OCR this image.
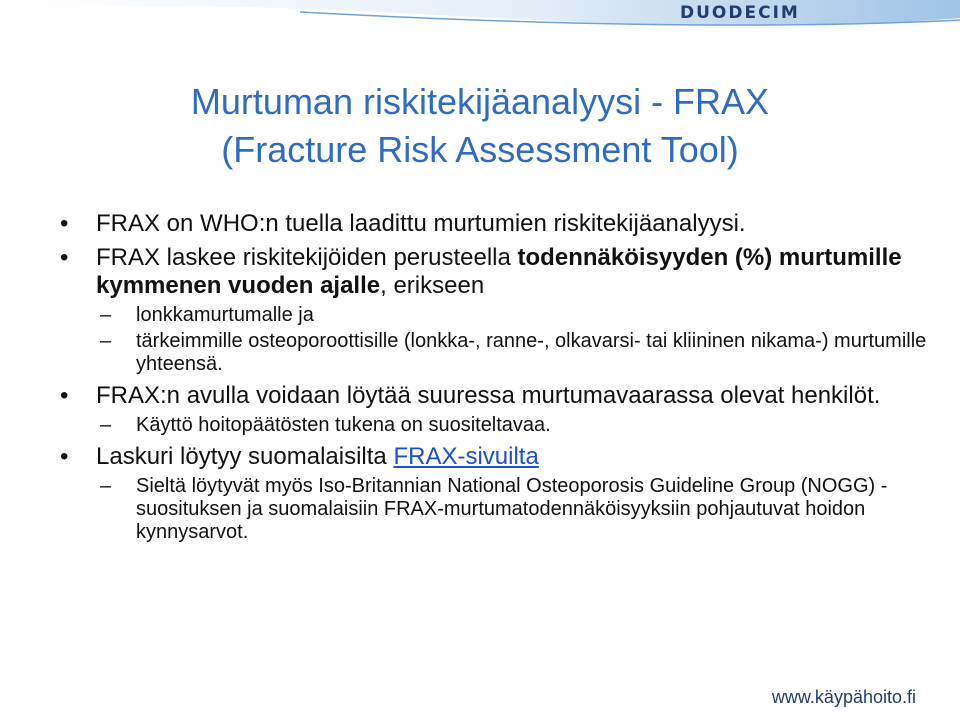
DUODECIM
Murtuman riskitekijäanalyysi - FRAX
(Fracture Risk Assessment Tool)
• FRAX on WHO:n tuella laadittu murtumien riskitekijäanalyysi.
• FRAX laskee riskitekijöiden perusteella todennäköisyyden (%) murtumille kymmenen vuoden ajalle, erikseen
– lonkkamurtumalle ja
– tärkeimmille osteoporoottisille (lonkka-, ranne-, olkavarsi- tai kliininen nikama-) murtumille yhteensä.
• FRAX:n avulla voidaan löytää suuressa murtumavaarassa olevat henkilöt.
– Käyttö hoitopäätösten tukena on suositeltavaa.
• Laskuri löytyy suomalaisilta FRAX-sivuilta
– Sieltä löytyvät myös Iso-Britannian National Osteoporosis Guideline Group (NOGG) -suosituksen ja suomalaisiin FRAX-murtumatodennäköisyyksiin pohjautuvat hoidon kynnysarvot.
www.käypähoito.fi
